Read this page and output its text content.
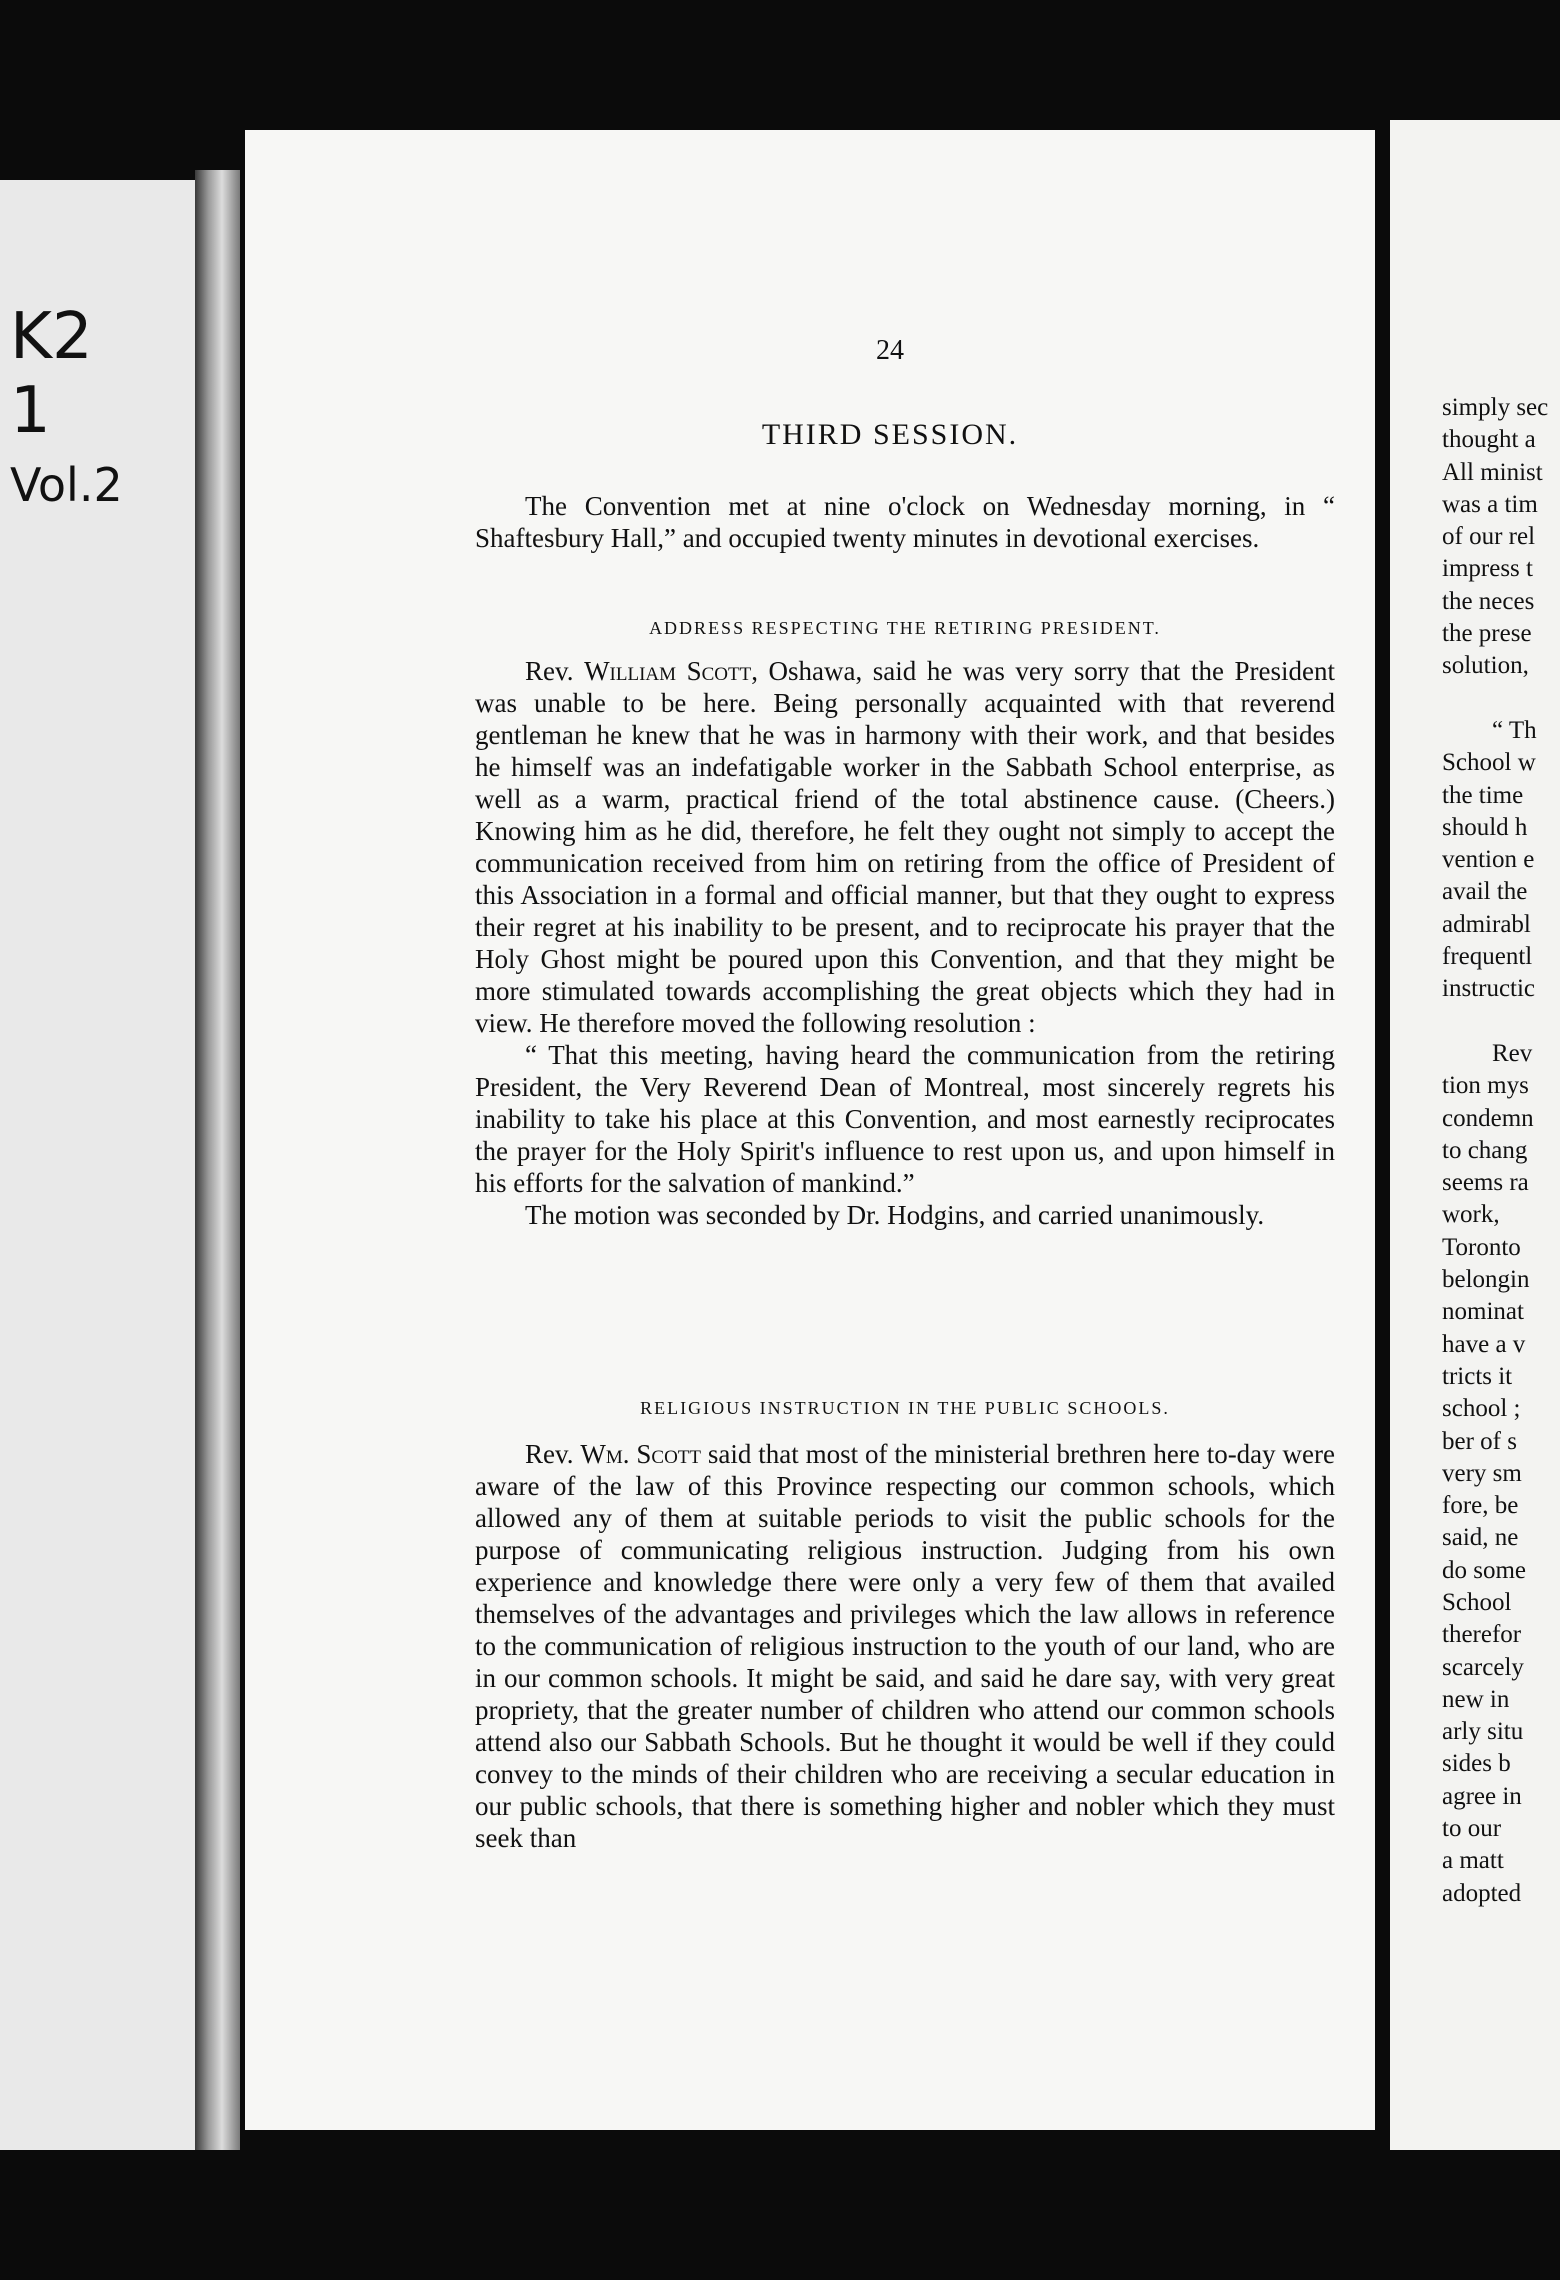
K2
1
Vol.2
24
THIRD SESSION.

The Convention met at nine o'clock on Wednesday morning, in “ Shaftesbury Hall,” and occupied twenty minutes in devotional exercises.

ADDRESS RESPECTING THE RETIRING PRESIDENT.

Rev. William Scott, Oshawa, said he was very sorry that the President was unable to be here. Being personally acquainted with that reverend gentleman he knew that he was in harmony with their work, and that besides he himself was an indefatigable worker in the Sabbath School enterprise, as well as a warm, practical friend of the total abstinence cause. (Cheers.) Knowing him as he did, therefore, he felt they ought not simply to accept the communication received from him on retiring from the office of President of this Association in a formal and official manner, but that they ought to express their regret at his inability to be present, and to reciprocate his prayer that the Holy Ghost might be poured upon this Convention, and that they might be more stimulated towards accomplishing the great objects which they had in view. He therefore moved the following resolution :

“ That this meeting, having heard the communication from the retiring President, the Very Reverend Dean of Montreal, most sincerely regrets his inability to take his place at this Convention, and most earnestly reciprocates the prayer for the Holy Spirit's influence to rest upon us, and upon himself in his efforts for the salvation of mankind.”

The motion was seconded by Dr. Hodgins, and carried unanimously.

RELIGIOUS INSTRUCTION IN THE PUBLIC SCHOOLS.

Rev. Wm. Scott said that most of the ministerial brethren here to-day were aware of the law of this Province respecting our common schools, which allowed any of them at suitable periods to visit the public schools for the purpose of communicating religious instruction. Judging from his own experience and knowledge there were only a very few of them that availed themselves of the advantages and privileges which the law allows in reference to the communication of religious instruction to the youth of our land, who are in our common schools. It might be said, and said he dare say, with very great propriety, that the greater number of children who attend our common schools attend also our Sabbath Schools. But he thought it would be well if they could convey to the minds of their children who are receiving a secular education in our public schools, that there is something higher and nobler which they must seek than

simply sec
thought a
All minist
was a tim
of our rel
impress t
the neces
the prese
solution,
“ Th
School w
the time
should h
vention e
avail the
admirabl
frequentl
instructic
Rev
tion mys
condemn
to chang
seems ra
work,
Toronto
belongin
nominat
have a v
tricts it
school ;
ber of s
very sm
fore, be
said, ne
do some
School
therefor
scarcely
new in
arly situ
sides b
agree in
to our
a matt
adopted
